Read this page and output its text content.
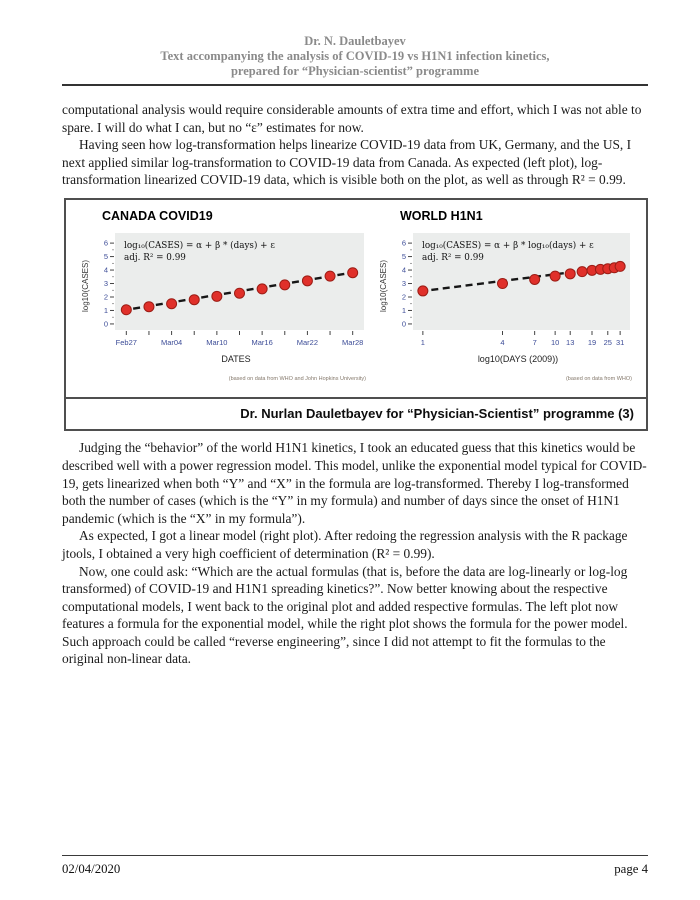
Dr. N. Dauletbayev
Text accompanying the analysis of COVID-19 vs H1N1 infection kinetics,
prepared for “Physician-scientist” programme

computational analysis would require considerable amounts of extra time and effort, which I was not able to spare. I will do what I can, but no “ε” estimates for now.

Having seen how log-transformation helps linearize COVID-19 data from UK, Germany, and the US, I next applied similar log-transformation to COVID-19 data from Canada. As expected (left plot), log-transformation linearized COVID-19 data, which is visible both on the plot, as well as through R² = 0.99.

CANADA COVID19
log10(CASES)
0
1
2
3
4
5
6
Feb27	Mar04	Mar10	Mar16	Mar22	Mar28
log₁₀(CASES) = α + β * (days) + ε
adj. R² = 0.99
DATES
(based on data from WHO and John Hopkins University)
WORLD H1N1
log10(CASES)
0
1
2
3
4
5
6
1	4	7 10 13 19 25 31
log₁₀(CASES) = α + β * log₁₀(days) + ε
adj. R² = 0.99
log10(DAYS (2009))
(based on data from WHO)
Dr. Nurlan Dauletbayev for “Physician-Scientist” programme (3)

Judging the “behavior” of the world H1N1 kinetics, I took an educated guess that this kinetics would be described well with a power regression model. This model, unlike the exponential model typical for COVID-19, gets linearized when both “Y” and “X” in the formula are log-transformed. Thereby I log-transformed both the number of cases (which is the “Y” in my formula) and number of days since the onset of H1N1 pandemic (which is the “X” in my formula”).

As expected, I got a linear model (right plot). After redoing the regression analysis with the R package jtools, I obtained a very high coefficient of determination (R² = 0.99).

Now, one could ask: “Which are the actual formulas (that is, before the data are log-linearly or log-log transformed) of COVID-19 and H1N1 spreading kinetics?”. Now better knowing about the respective computational models, I went back to the original plot and added respective formulas. The left plot now features a formula for the exponential model, while the right plot shows the formula for the power model. Such approach could be called “reverse engineering”, since I did not attempt to fit the formulas to the original non-linear data.

02/04/2020	page 4
